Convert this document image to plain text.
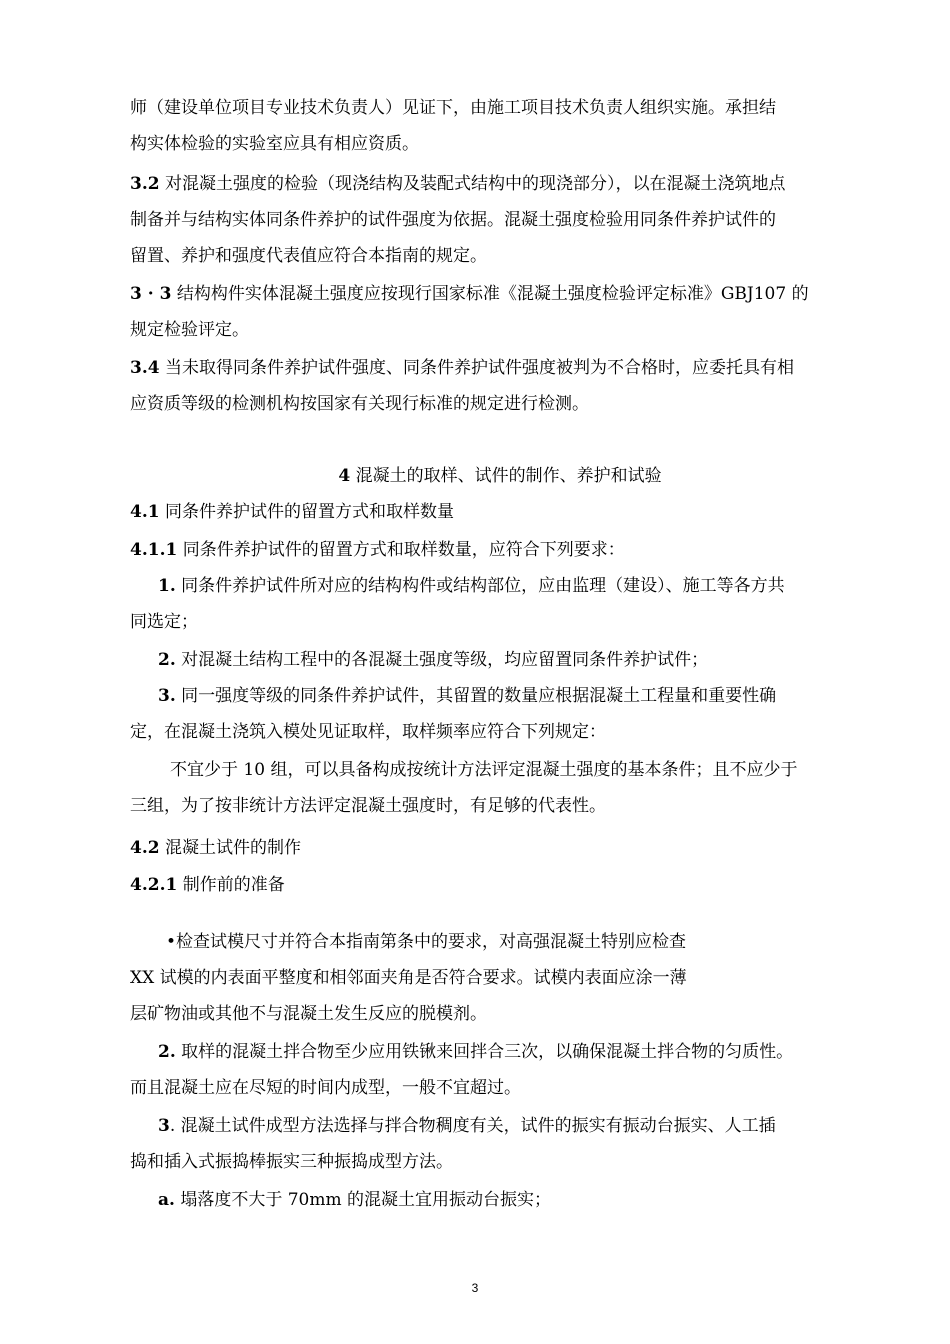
师（建设单位项目专业技术负责人）见证下，由施工项目技术负责人组织实施。承担结
构实体检验的实验室应具有相应资质。
3.2 对混凝土强度的检验（现浇结构及装配式结构中的现浇部分），以在混凝土浇筑地点
制备并与结构实体同条件养护的试件强度为依据。混凝土强度检验用同条件养护试件的
留置、养护和强度代表值应符合本指南的规定。
3 · 3 结构构件实体混凝土强度应按现行国家标准《混凝土强度检验评定标准》GBJ107 的
规定检验评定。
3.4 当未取得同条件养护试件强度、同条件养护试件强度被判为不合格时，应委托具有相
应资质等级的检测机构按国家有关现行标准的规定进行检测。
4 混凝土的取样、试件的制作、养护和试验
4.1 同条件养护试件的留置方式和取样数量
4.1.1 同条件养护试件的留置方式和取样数量，应符合下列要求：
1. 同条件养护试件所对应的结构构件或结构部位，应由监理（建设）、施工等各方共
同选定；
2. 对混凝土结构工程中的各混凝土强度等级，均应留置同条件养护试件；
3. 同一强度等级的同条件养护试件，其留置的数量应根据混凝土工程量和重要性确
定，在混凝土浇筑入模处见证取样，取样频率应符合下列规定：
不宜少于 10 组，可以具备构成按统计方法评定混凝土强度的基本条件；且不应少于
三组，为了按非统计方法评定混凝土强度时，有足够的代表性。
4.2 混凝土试件的制作
4.2.1 制作前的准备
•检查试模尺寸并符合本指南第条中的要求，对高强混凝土特别应检查
XX 试模的内表面平整度和相邻面夹角是否符合要求。试模内表面应涂一薄
层矿物油或其他不与混凝土发生反应的脱模剂。
2. 取样的混凝土拌合物至少应用铁锹来回拌合三次，以确保混凝土拌合物的匀质性。
而且混凝土应在尽短的时间内成型，一般不宜超过。
3. 混凝土试件成型方法选择与拌合物稠度有关，试件的振实有振动台振实、人工插
捣和插入式振捣棒振实三种振捣成型方法。
a. 塌落度不大于 70mm 的混凝土宜用振动台振实；
3
